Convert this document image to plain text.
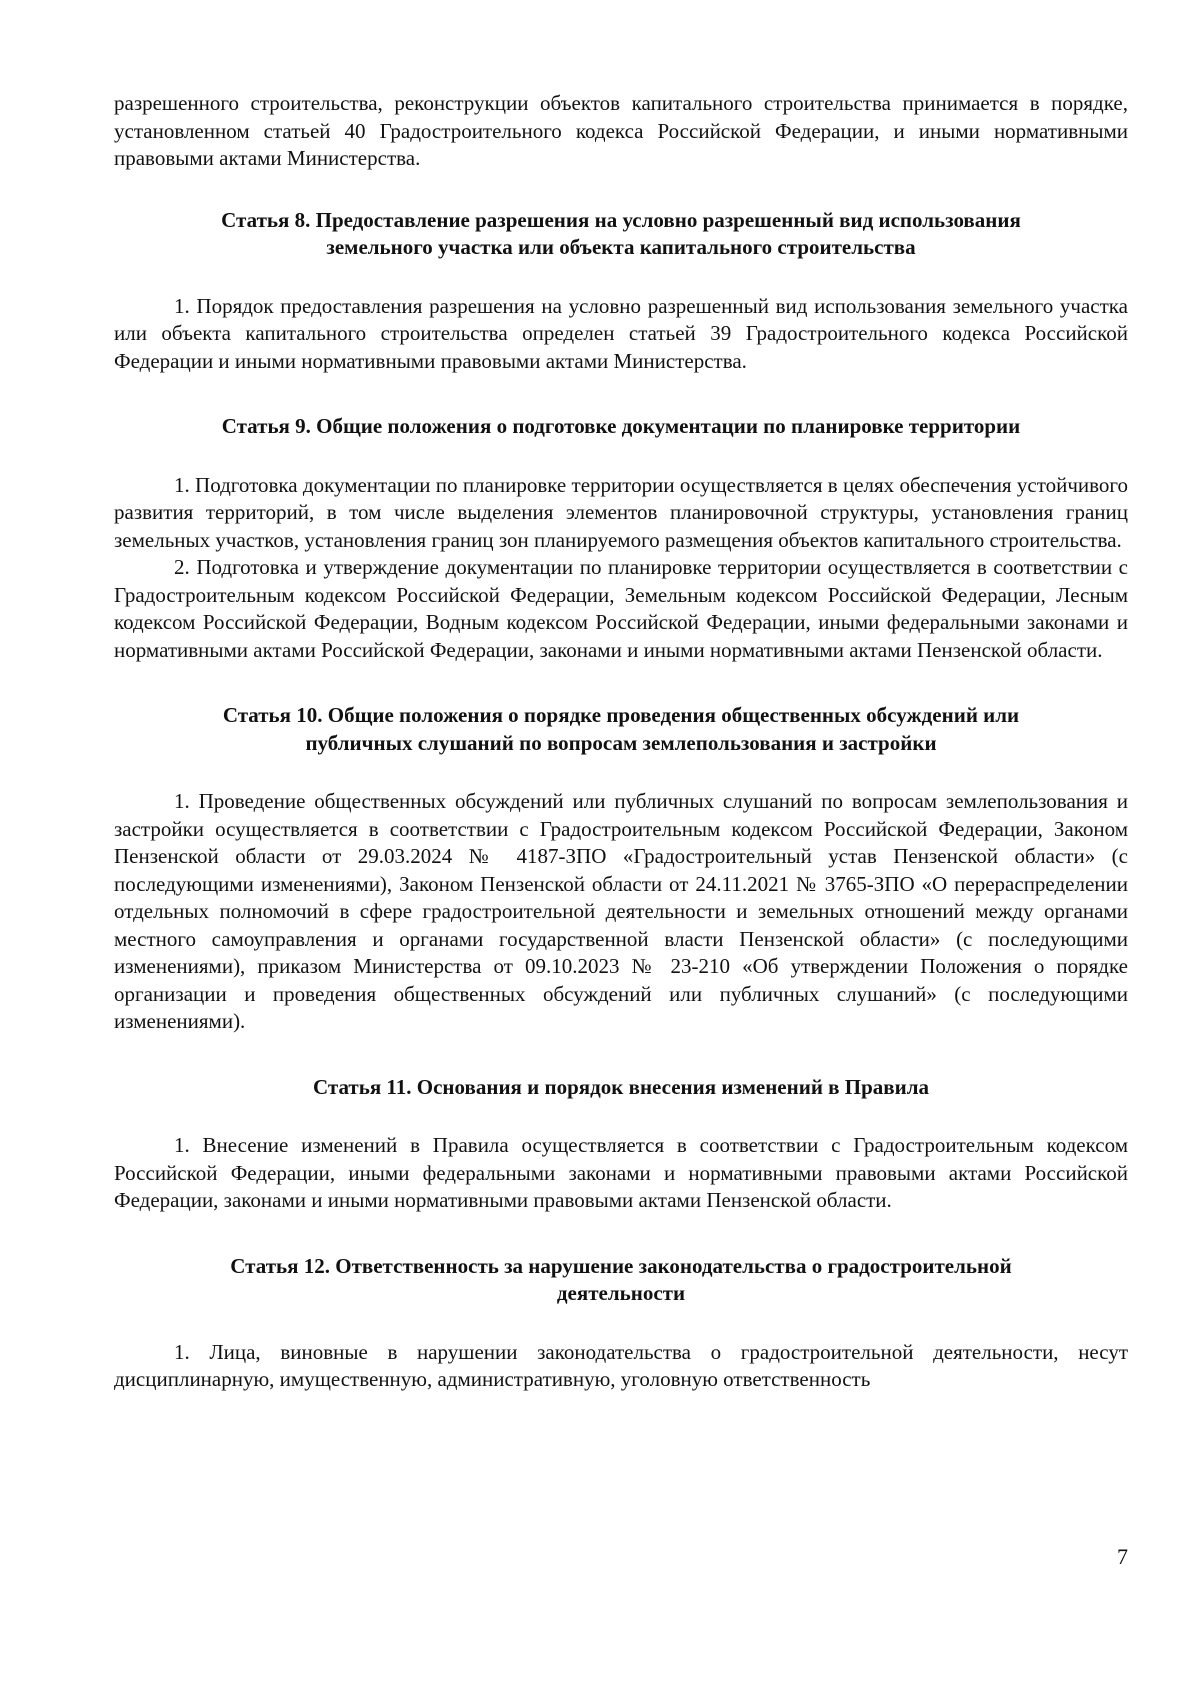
разрешенного строительства, реконструкции объектов капитального строительства принимается в порядке, установленном статьей 40 Градостроительного кодекса Российской Федерации, и иными нормативными правовыми актами Министерства.

Статья 8. Предоставление разрешения на условно разрешенный вид использования земельного участка или объекта капитального строительства

1. Порядок предоставления разрешения на условно разрешенный вид использования земельного участка или объекта капитального строительства определен статьей 39 Градостроительного кодекса Российской Федерации и иными нормативными правовыми актами Министерства.

Статья 9. Общие положения о подготовке документации по планировке территории

1. Подготовка документации по планировке территории осуществляется в целях обеспечения устойчивого развития территорий, в том числе выделения элементов планировочной структуры, установления границ земельных участков, установления границ зон планируемого размещения объектов капитального строительства.

2. Подготовка и утверждение документации по планировке территории осуществляется в соответствии с Градостроительным кодексом Российской Федерации, Земельным кодексом Российской Федерации, Лесным кодексом Российской Федерации, Водным кодексом Российской Федерации, иными федеральными законами и нормативными актами Российской Федерации, законами и иными нормативными актами Пензенской области.

Статья 10. Общие положения о порядке проведения общественных обсуждений или публичных слушаний по вопросам землепользования и застройки

1. Проведение общественных обсуждений или публичных слушаний по вопросам землепользования и застройки осуществляется в соответствии с Градостроительным кодексом Российской Федерации, Законом Пензенской области от 29.03.2024 № 4187-ЗПО «Градостроительный устав Пензенской области» (с последующими изменениями), Законом Пензенской области от 24.11.2021 № 3765-ЗПО «О перераспределении отдельных полномочий в сфере градостроительной деятельности и земельных отношений между органами местного самоуправления и органами государственной власти Пензенской области» (с последующими изменениями), приказом Министерства от 09.10.2023 № 23-210 «Об утверждении Положения о порядке организации и проведения общественных обсуждений или публичных слушаний» (с последующими изменениями).

Статья 11. Основания и порядок внесения изменений в Правила

1. Внесение изменений в Правила осуществляется в соответствии с Градостроительным кодексом Российской Федерации, иными федеральными законами и нормативными правовыми актами Российской Федерации, законами и иными нормативными правовыми актами Пензенской области.

Статья 12. Ответственность за нарушение законодательства о градостроительной деятельности

1. Лица, виновные в нарушении законодательства о градостроительной деятельности, несут дисциплинарную, имущественную, административную, уголовную ответственность

7
